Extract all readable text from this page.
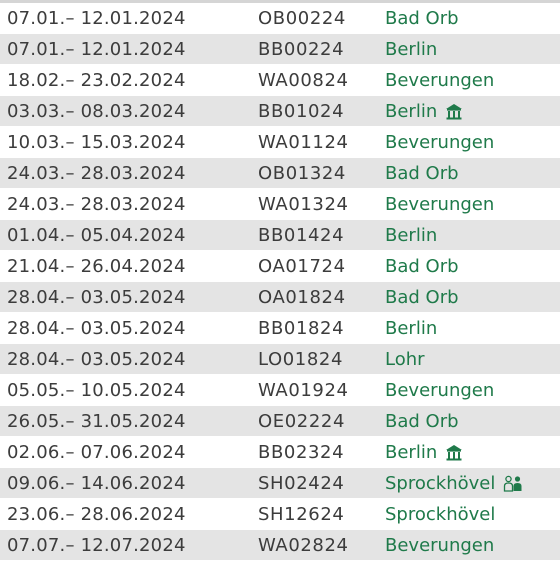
07.01.– 12.01.2024	OB00224 Bad Orb
07.01.– 12.01.2024	BB00224 Berlin
18.02.– 23.02.2024	WA00824 Beverungen
03.03.– 08.03.2024	BB01024 Berlin
10.03.– 15.03.2024	WA01124 Beverungen
24.03.– 28.03.2024	OB01324 Bad Orb
24.03.– 28.03.2024	WA01324 Beverungen
01.04.– 05.04.2024	BB01424 Berlin
21.04.– 26.04.2024	OA01724 Bad Orb
28.04.– 03.05.2024	OA01824 Bad Orb
28.04.– 03.05.2024	BB01824 Berlin
28.04.– 03.05.2024	LO01824 Lohr
05.05.– 10.05.2024	WA01924 Beverungen
26.05.– 31.05.2024	OE02224 Bad Orb
02.06.– 07.06.2024	BB02324 Berlin
09.06.– 14.06.2024	SH02424 Sprockhövel
23.06.– 28.06.2024	SH12624 Sprockhövel
07.07.– 12.07.2024	WA02824 Beverungen
